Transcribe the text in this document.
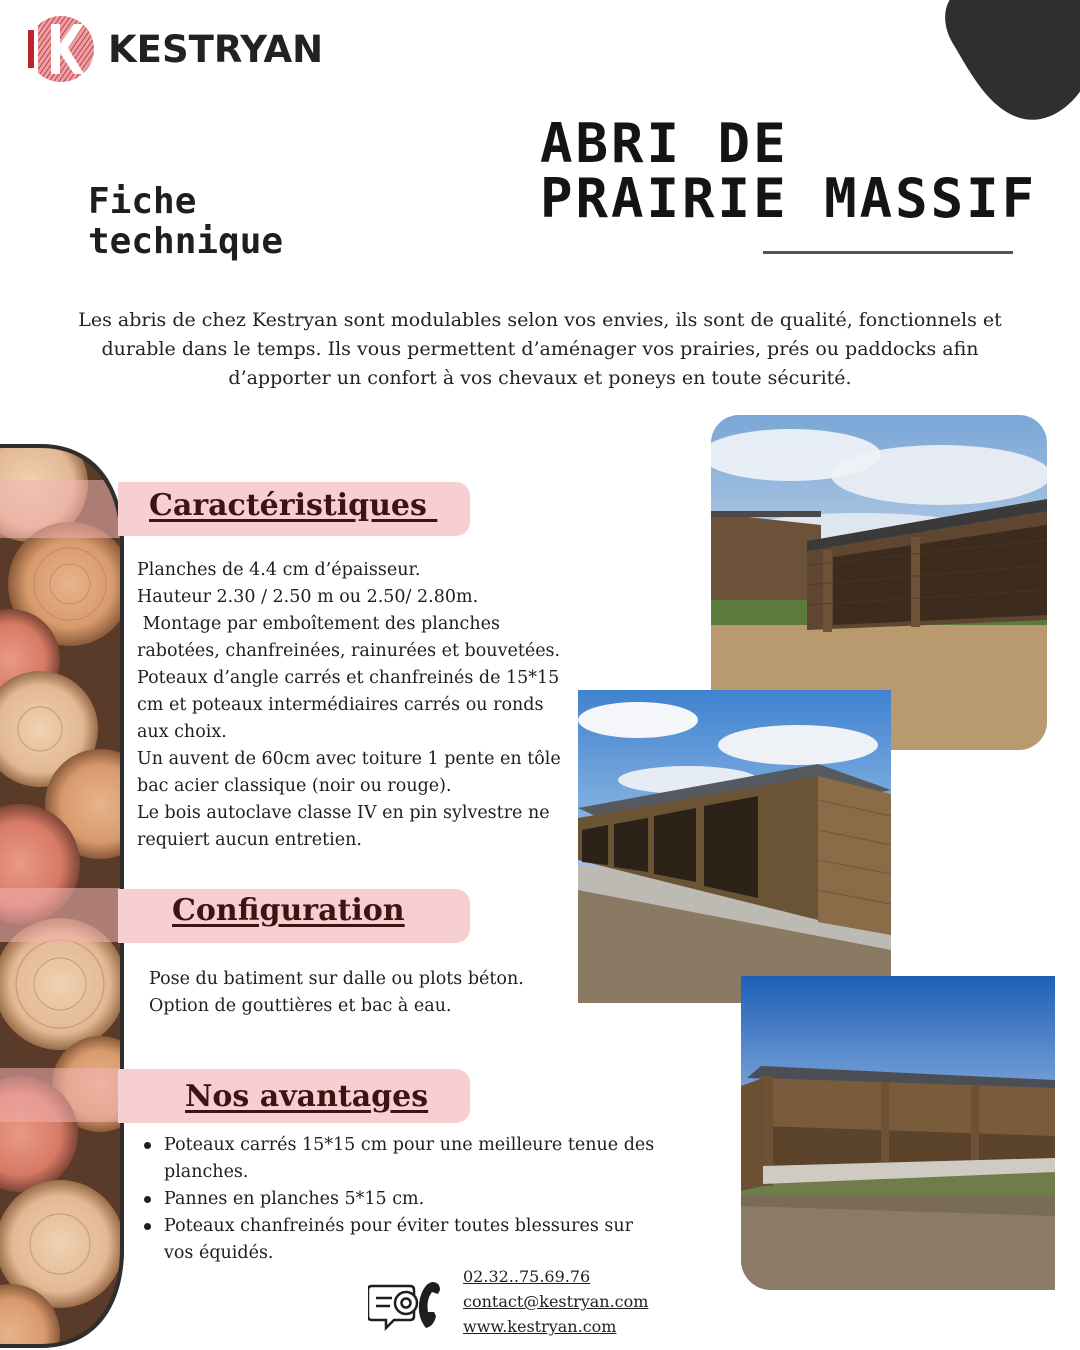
KESTRYAN
Fiche
technique
ABRI DE
PRAIRIE MASSIF
Les abris de chez Kestryan sont modulables selon vos envies, ils sont de qualité, fonctionnels et
durable dans le temps. Ils vous permettent d’aménager vos prairies, prés ou paddocks afin
d’apporter un confort à vos chevaux et poneys en toute sécurité.
Caractéristiques
Planches de 4.4 cm d’épaisseur.
Hauteur 2.30 / 2.50 m ou 2.50/ 2.80m.
Montage par emboîtement des planches
rabotées, chanfreinées, rainurées et bouvetées.
Poteaux d’angle carrés et chanfreinés de 15*15
cm et poteaux intermédiaires carrés ou ronds
aux choix.
Un auvent de 60cm avec toiture 1 pente en tôle
bac acier classique (noir ou rouge).
Le bois autoclave classe IV en pin sylvestre ne
requiert aucun entretien.
Configuration
Pose du batiment sur dalle ou plots béton.
Option de gouttières et bac à eau.
Nos avantages
Poteaux carrés 15*15 cm pour une meilleure tenue des planches.
Pannes en planches 5*15 cm.
Poteaux chanfreinés pour éviter toutes blessures sur vos équidés.
02.32..75.69.76
contact@kestryan.com
www.kestryan.com
